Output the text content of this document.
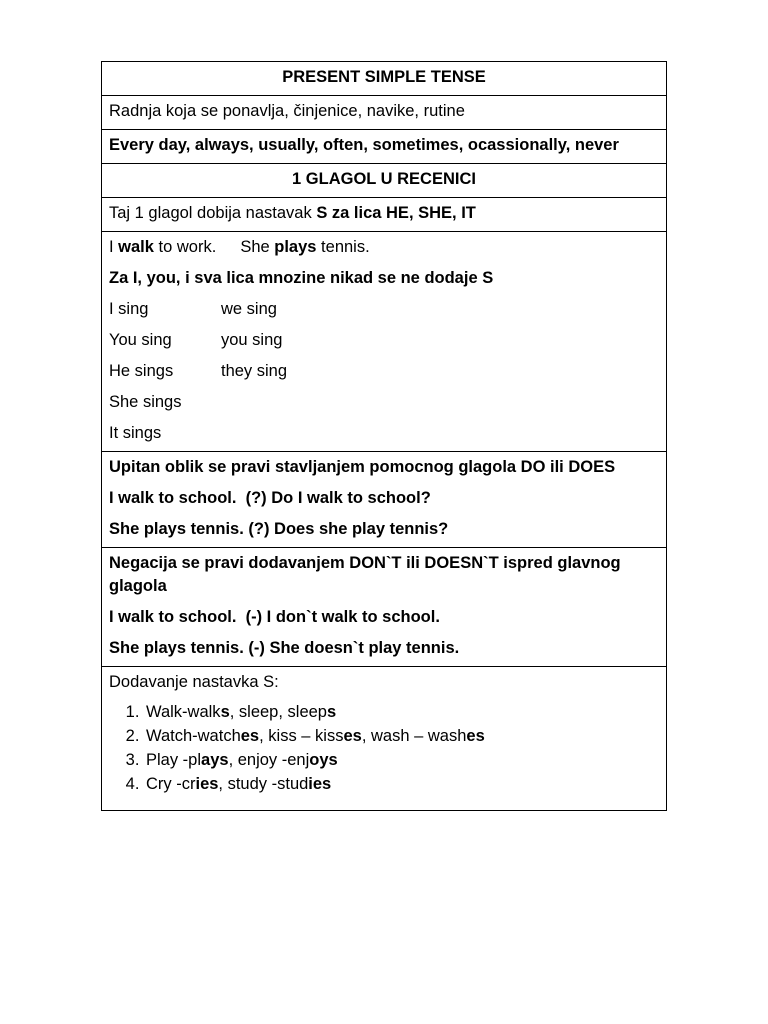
PRESENT SIMPLE TENSE
Radnja koja se ponavlja, činjenice, navike, rutine
Every day, always, usually, often, sometimes, ocassionally, never
1 GLAGOL U RECENICI
Taj 1 glagol dobija nastavak S za lica HE, SHE, IT

I walk to work. She plays tennis.
Za I, you, i sva lica mnozine nikad se ne dodaje S
I sing	we sing
You sing	you sing
He sings	they sing
She sings
It sings

Upitan oblik se pravi stavljanjem pomocnog glagola DO ili DOES
I walk to school.  (?) Do I walk to school?
She plays tennis. (?) Does she play tennis?

Negacija se pravi dodavanjem DON`T ili DOESN`T ispred glavnog glagola
I walk to school.  (-) I don`t walk to school.
She plays tennis. (-) She doesn`t play tennis.

Dodavanje nastavka S:
1. Walk-walks, sleep, sleeps
2. Watch-watches, kiss – kisses, wash – washes
3. Play -plays, enjoy -enjoys
4. Cry -cries, study -studies
